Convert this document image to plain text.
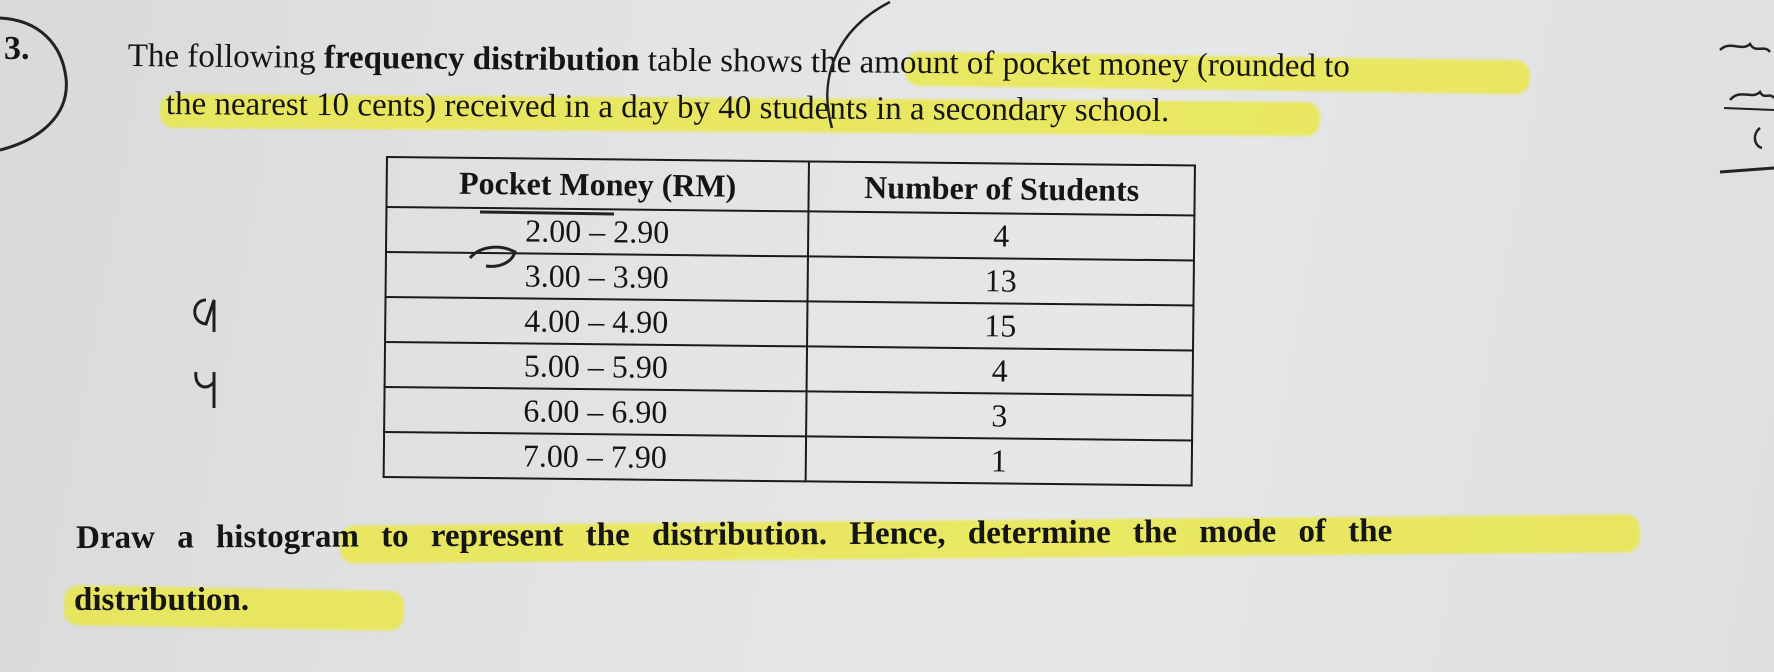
3.	The following frequency distribution table shows the amount of pocket money (rounded to
the nearest 10 cents) received in a day by 40 students in a secondary school.
Pocket Money (RM)	Number of Students
2.00 – 2.90	4
3.00 – 3.90	13
4.00 – 4.90	15
5.00 – 5.90	4
6.00 – 6.90	3
7.00 – 7.90	1
Draw a histogram to represent the distribution. Hence, determine the mode of the
distribution.
discrete
gap
±0.5
